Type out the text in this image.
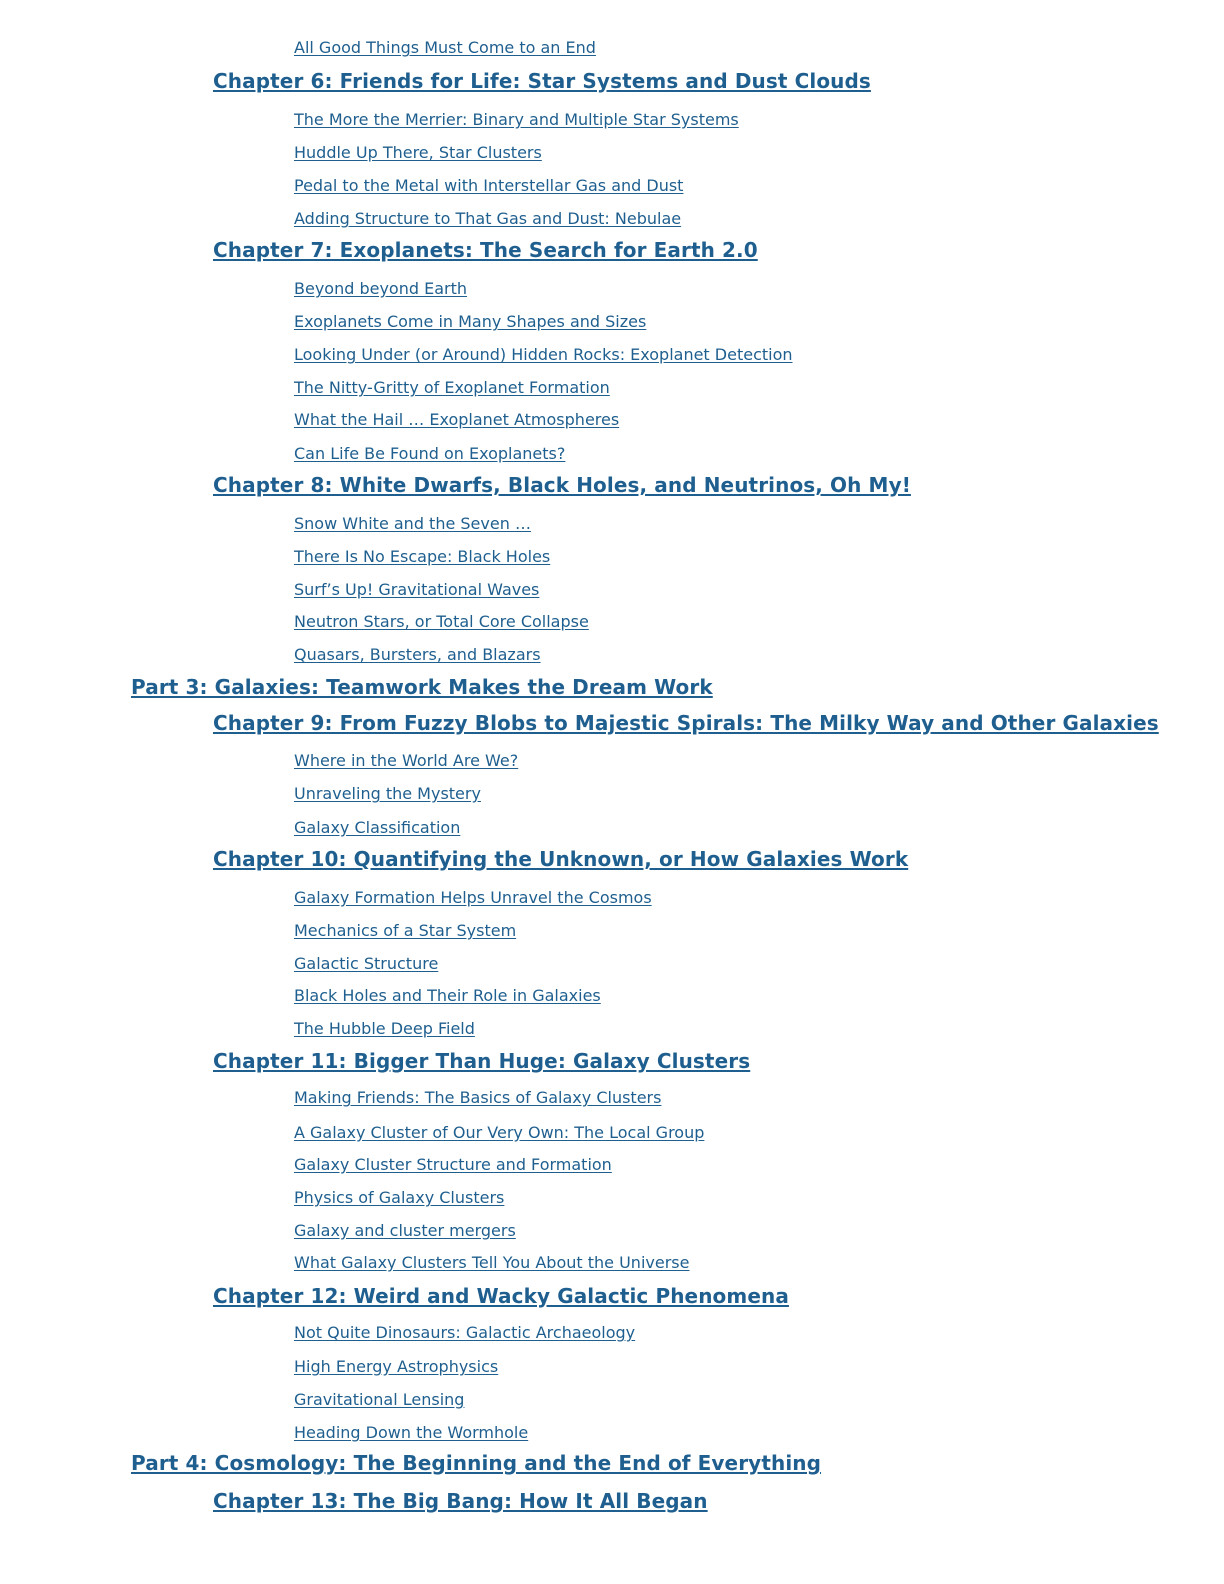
All Good Things Must Come to an End
Chapter 6: Friends for Life: Star Systems and Dust Clouds
The More the Merrier: Binary and Multiple Star Systems
Huddle Up There, Star Clusters
Pedal to the Metal with Interstellar Gas and Dust
Adding Structure to That Gas and Dust: Nebulae
Chapter 7: Exoplanets: The Search for Earth 2.0
Beyond beyond Earth
Exoplanets Come in Many Shapes and Sizes
Looking Under (or Around) Hidden Rocks: Exoplanet Detection
The Nitty-Gritty of Exoplanet Formation
What the Hail … Exoplanet Atmospheres
Can Life Be Found on Exoplanets?
Chapter 8: White Dwarfs, Black Holes, and Neutrinos, Oh My!
Snow White and the Seven …
There Is No Escape: Black Holes
Surf’s Up! Gravitational Waves
Neutron Stars, or Total Core Collapse
Quasars, Bursters, and Blazars
Part 3: Galaxies: Teamwork Makes the Dream Work
Chapter 9: From Fuzzy Blobs to Majestic Spirals: The Milky Way and Other Galaxies
Where in the World Are We?
Unraveling the Mystery
Galaxy Classification
Chapter 10: Quantifying the Unknown, or How Galaxies Work
Galaxy Formation Helps Unravel the Cosmos
Mechanics of a Star System
Galactic Structure
Black Holes and Their Role in Galaxies
The Hubble Deep Field
Chapter 11: Bigger Than Huge: Galaxy Clusters
Making Friends: The Basics of Galaxy Clusters
A Galaxy Cluster of Our Very Own: The Local Group
Galaxy Cluster Structure and Formation
Physics of Galaxy Clusters
Galaxy and cluster mergers
What Galaxy Clusters Tell You About the Universe
Chapter 12: Weird and Wacky Galactic Phenomena
Not Quite Dinosaurs: Galactic Archaeology
High Energy Astrophysics
Gravitational Lensing
Heading Down the Wormhole
Part 4: Cosmology: The Beginning and the End of Everything
Chapter 13: The Big Bang: How It All Began
